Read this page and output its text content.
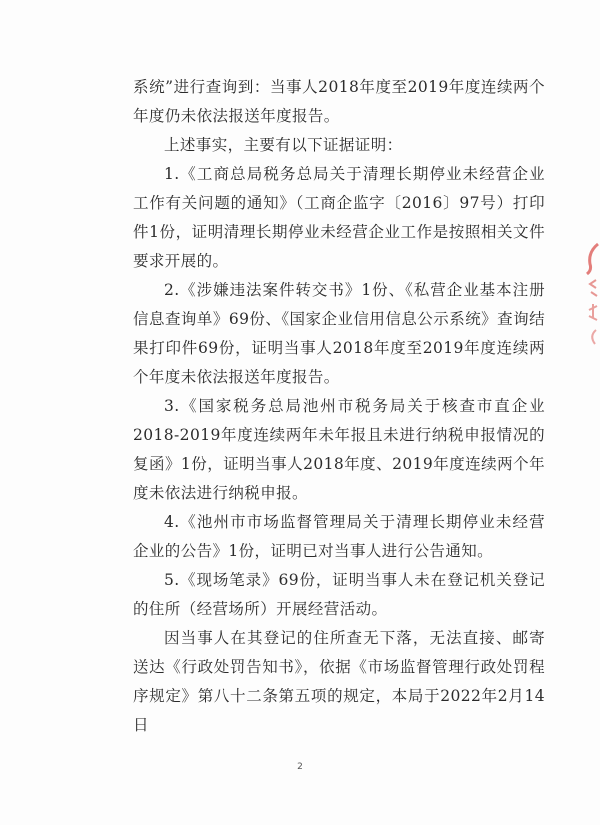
系统”进行查询到：当事人2018年度至2019年度连续两个年度仍未依法报送年度报告。

上述事实，主要有以下证据证明：

1.《工商总局税务总局关于清理长期停业未经营企业工作有关问题的通知》（工商企监字〔2016〕97号）打印件1份，证明清理长期停业未经营企业工作是按照相关文件要求开展的。

2.《涉嫌违法案件转交书》1份、《私营企业基本注册信息查询单》69份、《国家企业信用信息公示系统》查询结果打印件69份，证明当事人2018年度至2019年度连续两个年度未依法报送年度报告。

3.《国家税务总局池州市税务局关于核查市直企业2018-2019年度连续两年未年报且未进行纳税申报情况的复函》1份，证明当事人2018年度、2019年度连续两个年度未依法进行纳税申报。

4.《池州市市场监督管理局关于清理长期停业未经营企业的公告》1份，证明已对当事人进行公告通知。

5.《现场笔录》69份，证明当事人未在登记机关登记的住所（经营场所）开展经营活动。

因当事人在其登记的住所查无下落，无法直接、邮寄送达《行政处罚告知书》，依据《市场监督管理行政处罚程序规定》第八十二条第五项的规定，本局于2022年2月14日

2
